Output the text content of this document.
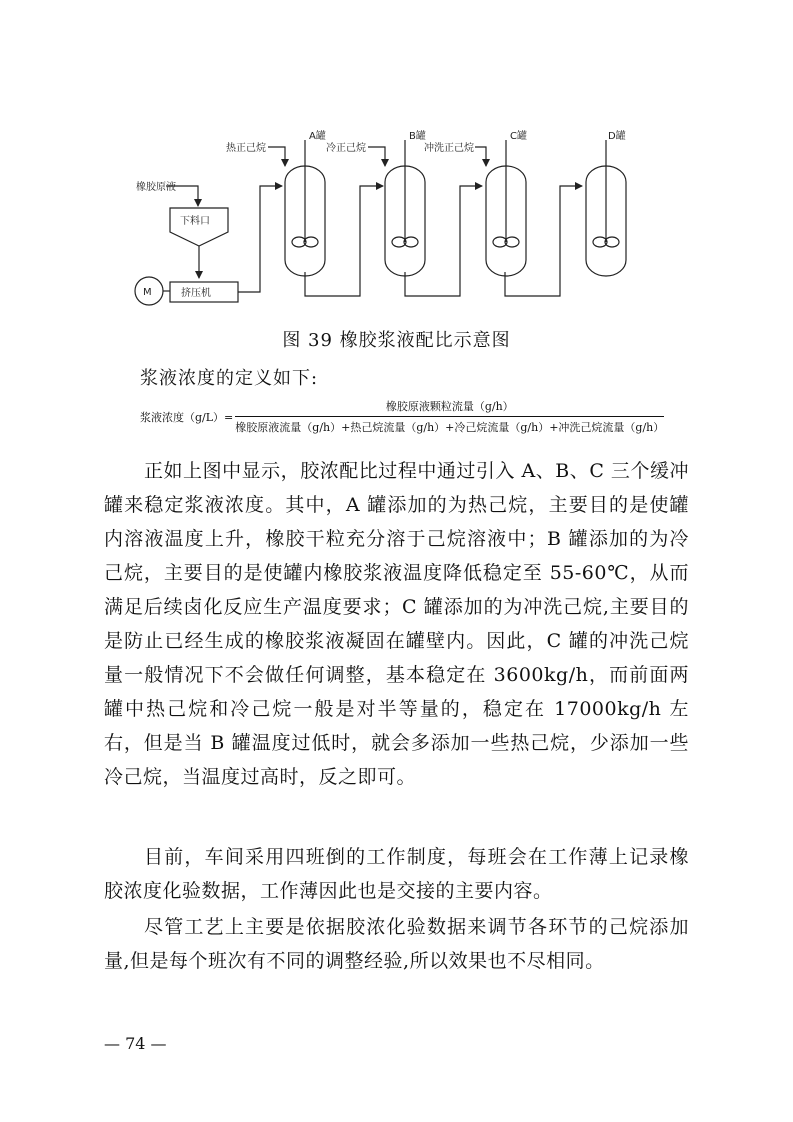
橡胶原液
下料口
M	挤压机
热正己烷	冷正己烷	冲洗正己烷
A罐	B罐	C罐	D罐
图 39 橡胶浆液配比示意图
浆液浓度的定义如下:
浆液浓度$(g/L)= \frac{\text{橡胶原液颗粒流量（g/h）}}{\text{橡胶原液流量（g/h）+热己烷流量（g/h）+冷己烷流量（g/h）+冲洗己烷流量（g/h）}}$

正如上图中显示，胶浓配比过程中通过引入 A、B、C 三个缓冲罐来稳定浆液浓度。其中，A 罐添加的为热己烷，主要目的是使罐内溶液温度上升，橡胶干粒充分溶于己烷溶液中；B 罐添加的为冷己烷，主要目的是使罐内橡胶浆液温度降低稳定至 55-60℃，从而满足后续卤化反应生产温度要求；C 罐添加的为冲洗己烷,主要目的是防止已经生成的橡胶浆液凝固在罐壁内。因此，C 罐的冲洗己烷量一般情况下不会做任何调整，基本稳定在 3600kg/h，而前面两罐中热己烷和冷己烷一般是对半等量的，稳定在 17000kg/h 左右，但是当 B 罐温度过低时，就会多添加一些热己烷，少添加一些冷己烷，当温度过高时，反之即可。

目前，车间采用四班倒的工作制度，每班会在工作薄上记录橡胶浓度化验数据，工作薄因此也是交接的主要内容。

尽管工艺上主要是依据胶浓化验数据来调节各环节的己烷添加量,但是每个班次有不同的调整经验,所以效果也不尽相同。

— 74 —
